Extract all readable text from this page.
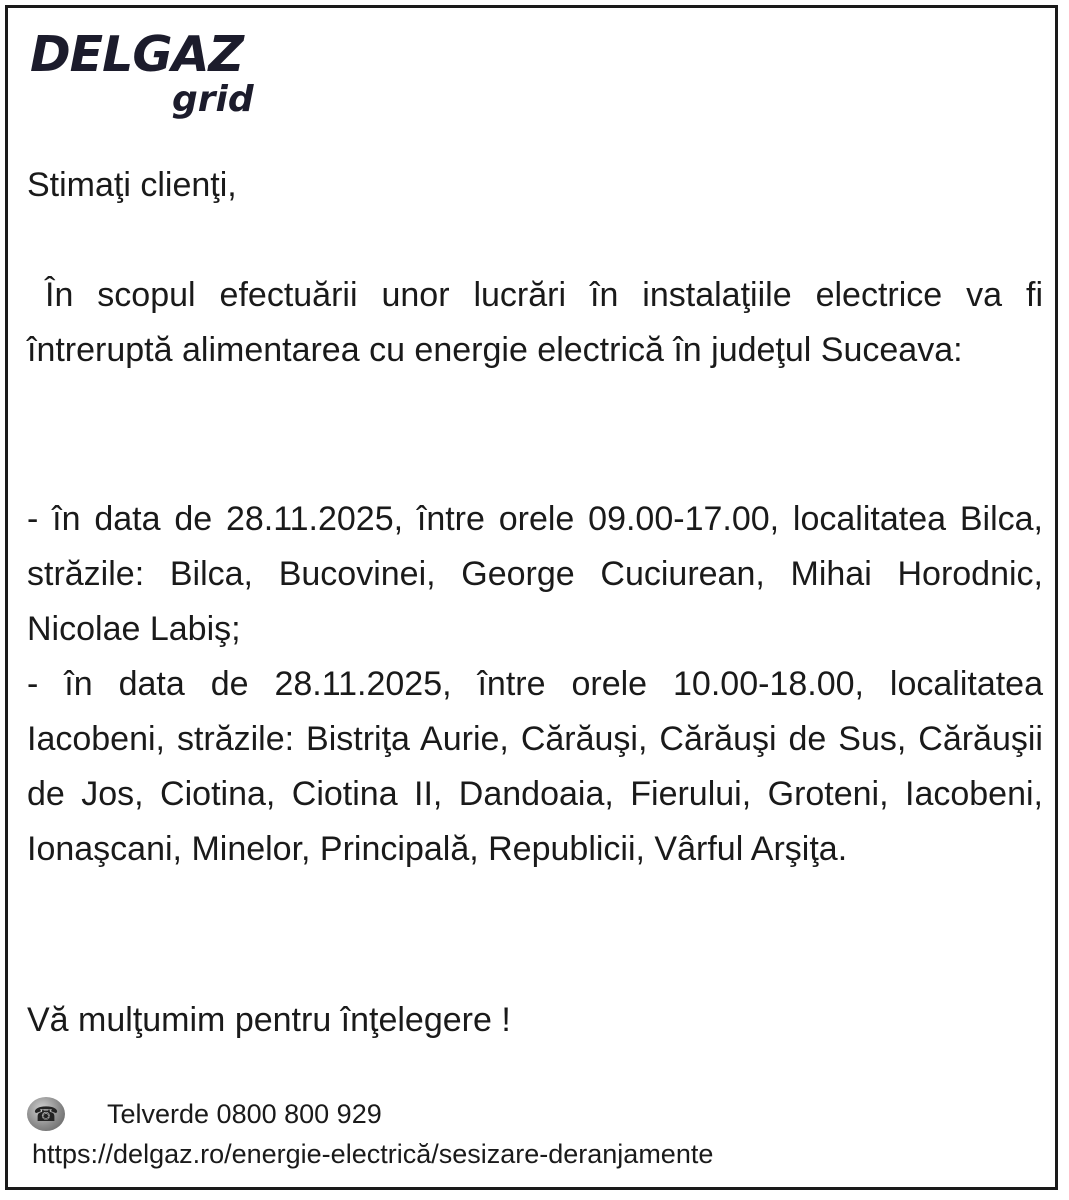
DELGAZ
grid
Stimaţi clienţi,
În scopul efectuării unor lucrări în instalaţiile electrice va fi întreruptă alimentarea cu energie electrică în judeţul Suceava:
- în data de 28.11.2025, între orele 09.00-17.00, localitatea Bilca, străzile: Bilca, Bucovinei, George Cuciurean, Mihai Horodnic, Nicolae Labiş;
- în data de 28.11.2025, între orele 10.00-18.00, localitatea Iacobeni, străzile: Bistriţa Aurie, Cărăuşi, Cărăuşi de Sus, Cărăuşii de Jos, Ciotina, Ciotina II, Dandoaia, Fierului, Groteni, Iacobeni, Ionaşcani, Minelor, Principală, Republicii, Vârful Arşiţa.
Vă mulţumim pentru înţelegere !
☎ Telverde 0800 800 929
https://delgaz.ro/energie-electrică/sesizare-deranjamente
